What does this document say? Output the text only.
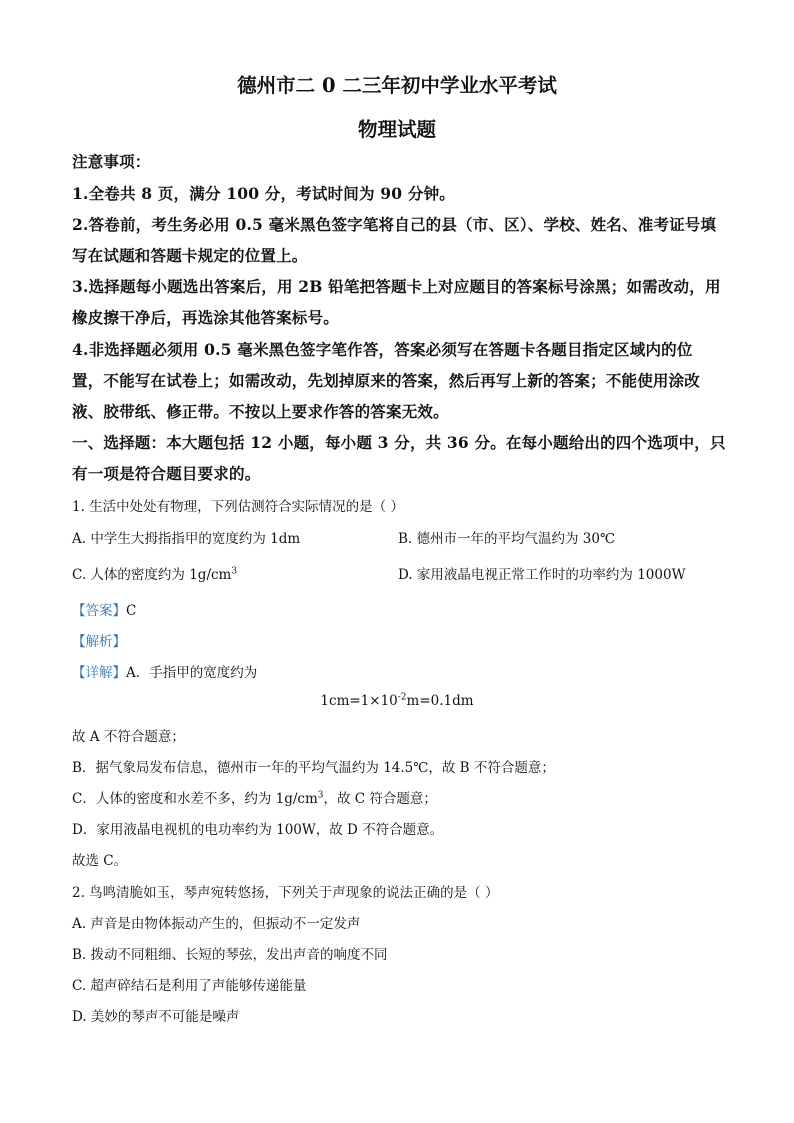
德州市二 0 二三年初中学业水平考试
物理试题
注意事项：
1.全卷共 8 页，满分 100 分，考试时间为 90 分钟。
2.答卷前，考生务必用 0.5 毫米黑色签字笔将自己的县（市、区）、学校、姓名、准考证号填
写在试题和答题卡规定的位置上。
3.选择题每小题选出答案后，用 2B 铅笔把答题卡上对应题目的答案标号涂黑；如需改动，用
橡皮擦干净后，再选涂其他答案标号。
4.非选择题必须用 0.5 毫米黑色签字笔作答，答案必须写在答题卡各题目指定区域内的位
置，不能写在试卷上；如需改动，先划掉原来的答案，然后再写上新的答案；不能使用涂改
液、胶带纸、修正带。不按以上要求作答的答案无效。
一、选择题：本大题包括 12 小题，每小题 3 分，共 36 分。在每小题给出的四个选项中，只
有一项是符合题目要求的。
1. 生活中处处有物理，下列估测符合实际情况的是（ ）
A. 中学生大拇指指甲的宽度约为 1dm	B. 德州市一年的平均气温约为 30℃
C. 人体的密度约为 $1g/cm^3$	D. 家用液晶电视正常工作时的功率约为 1000W
【答案】C
【解析】
【详解】A．手指甲的宽度约为
$1cm=1\times 10^{-2}m=0.1dm$
故 A 不符合题意；
B．据气象局发布信息，德州市一年的平均气温约为 14.5℃，故 B 不符合题意；
C．人体的密度和水差不多，约为 $1g/cm^3$，故 C 符合题意；
D．家用液晶电视机的电功率约为 100W，故 D 不符合题意。
故选 C。
2. 鸟鸣清脆如玉，琴声宛转悠扬，下列关于声现象的说法正确的是（ ）
A. 声音是由物体振动产生的，但振动不一定发声
B. 拨动不同粗细、长短的琴弦，发出声音的响度不同
C. 超声碎结石是利用了声能够传递能量
D. 美妙的琴声不可能是噪声
